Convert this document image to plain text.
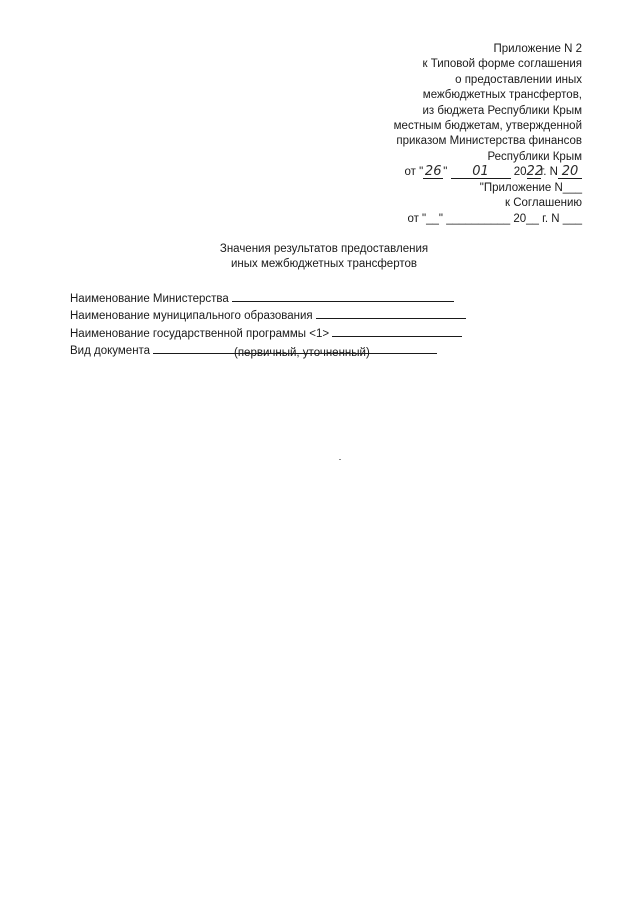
Приложение N 2
к Типовой форме соглашения
о предоставлении иных
межбюджетных трансфертов,
из бюджета Республики Крым
местным бюджетам, утвержденной
приказом Министерства финансов
Республики Крым
от " 26 " 01 2022г. N 20
"Приложение N___
к Соглашению
от "__" __________ 20__ г. N ___
Значения результатов предоставления
иных межбюджетных трансфертов
Наименование Министерства
Наименование муниципального образования
Наименование государственной программы <1>
Вид документа	(первичный, уточненный)
